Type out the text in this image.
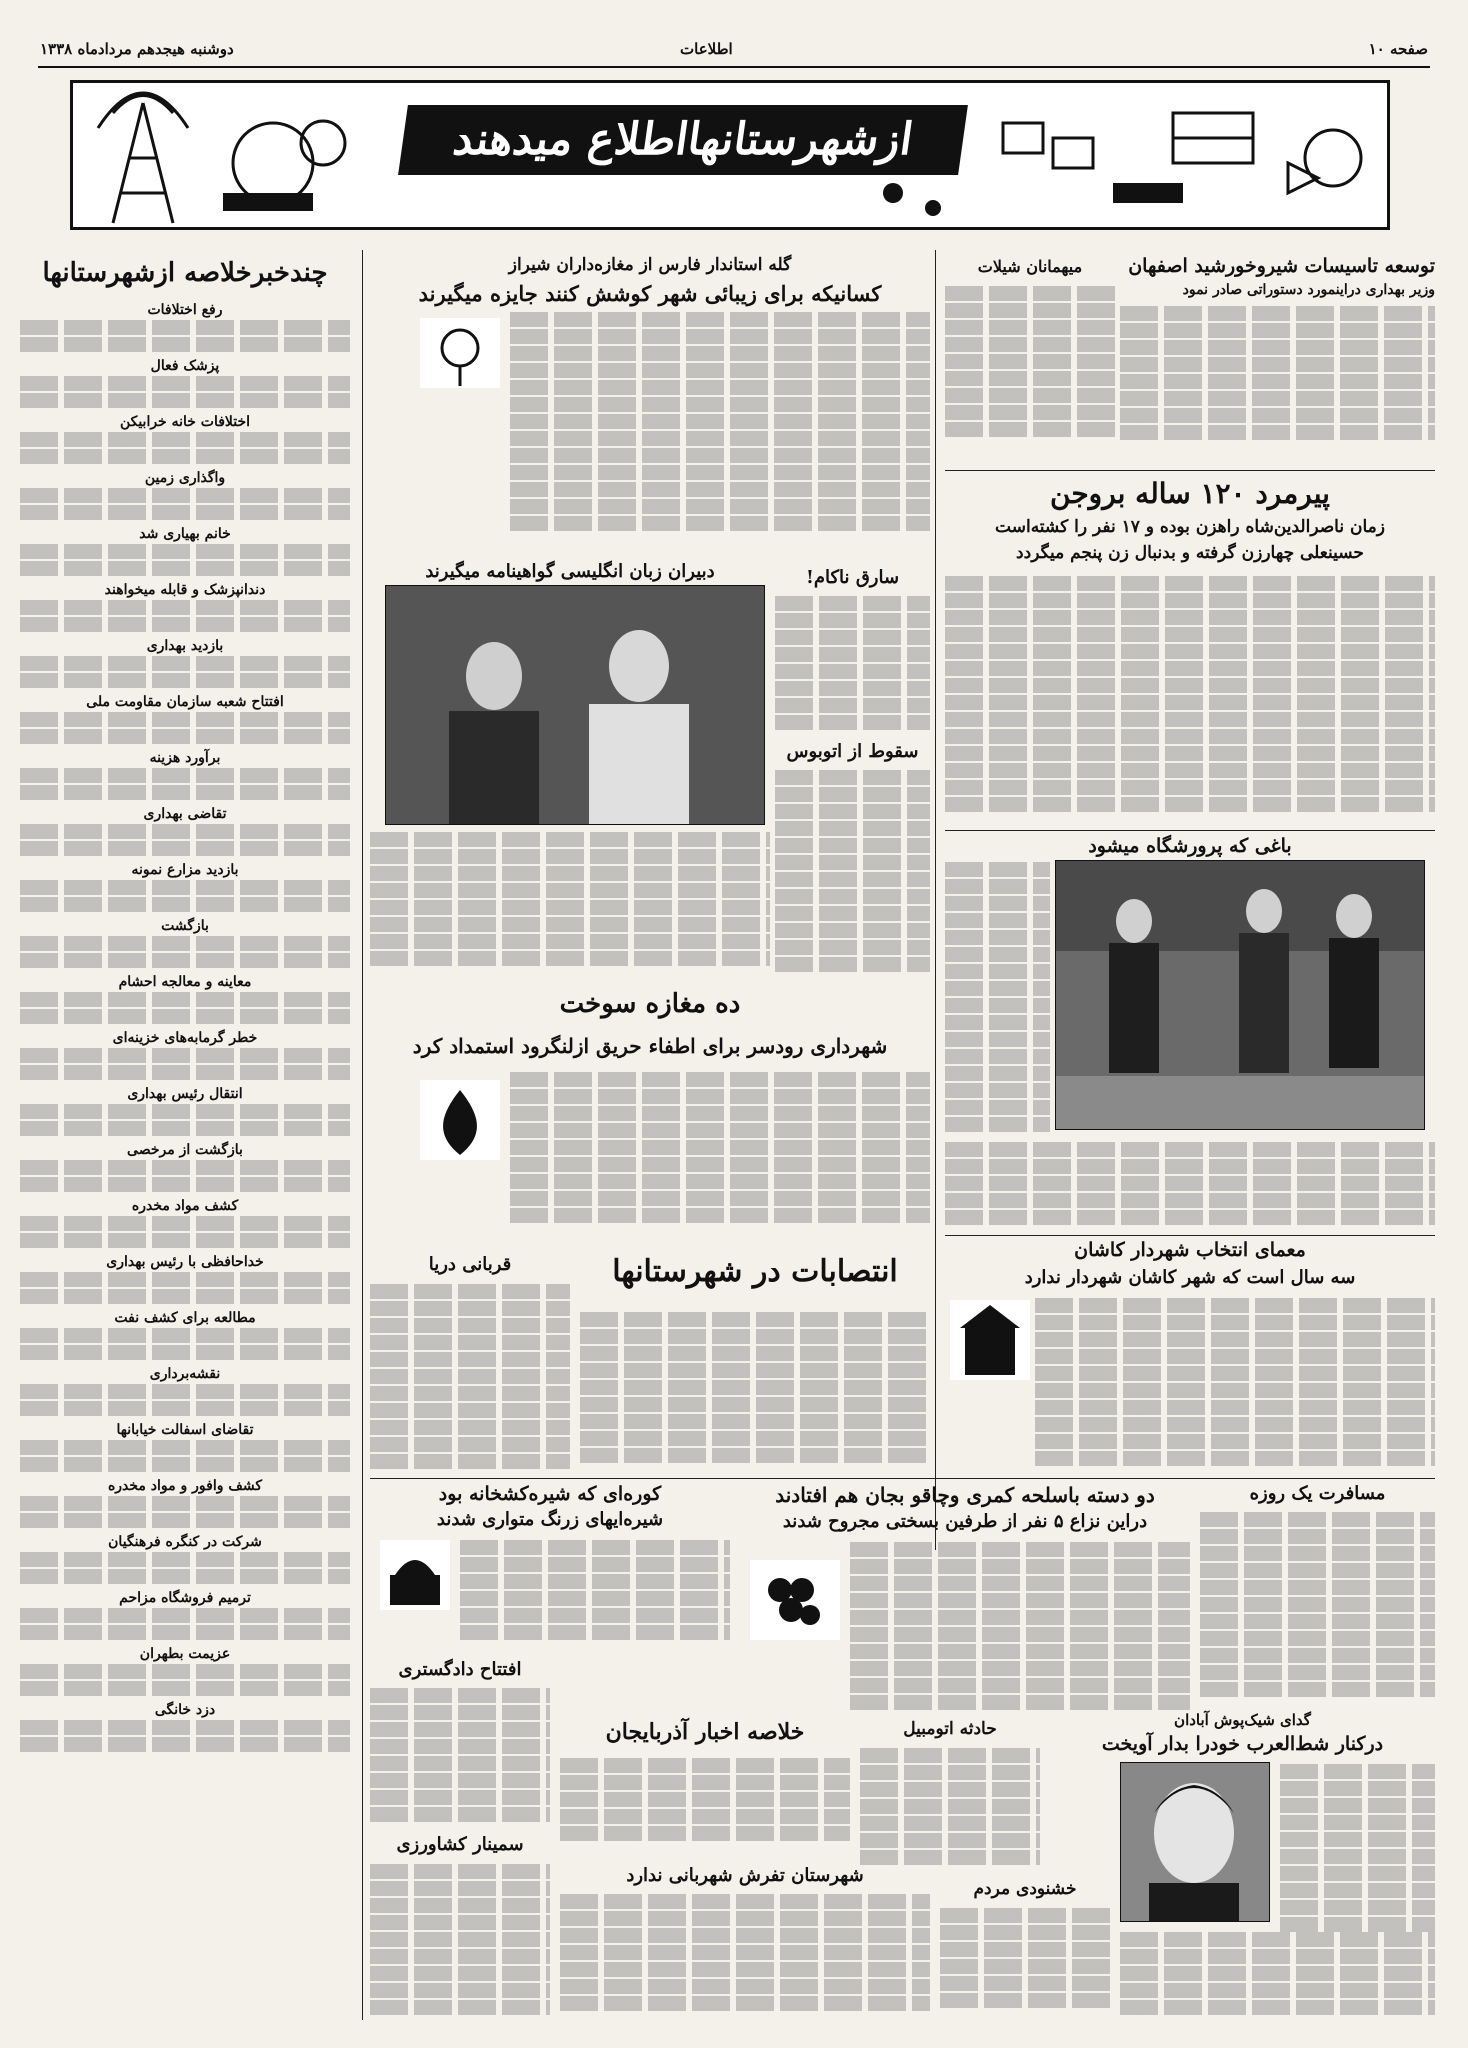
صفحه ۱۰
اطلاعات
دوشنبه هیجدهم مردادماه ۱۳۳۸
ازشهرستانهااطلاع میدهند
چندخبرخلاصه ازشهرستانها
رفع اختلافات
پزشک فعال
اختلافات خانه خرابیکن
واگذاری زمین
خانم بهیاری شد
دندانپزشک و قابله میخواهند
بازدید بهداری
افتتاح شعبه سازمان مقاومت ملی
برآورد هزینه
تقاضی بهداری
بازدید مزارع نمونه
بازگشت
معاینه و معالجه احشام
خطر گرمابه‌های خزینه‌ای
انتقال رئیس بهداری
بازگشت از مرخصی
کشف مواد مخدره
خداحافظی با رئیس بهداری
مطالعه برای کشف نفت
نقشه‌برداری
تقاضای اسفالت خیابانها
کشف وافور و مواد مخدره
شرکت در کنگره فرهنگیان
ترمیم فروشگاه مزاحم
عزیمت بطهران
دزد خانگی
گله استاندار فارس از مغازه‌داران شیراز
کسانیکه برای زیبائی شهر کوشش کنند جایزه میگیرند
توسعه تاسیسات شیروخورشید اصفهان
وزیر بهداری دراینمورد دستوراتی صادر نمود
میهمانان شیلات
پیرمرد ۱۲۰ ساله بروجن
زمان ناصرالدین‌شاه راهزن بوده و ۱۷ نفر را کشته‌است
حسینعلی چهارزن گرفته و بدنبال زن پنجم میگردد
دبیران زبان انگلیسی گواهینامه میگیرند	سارق ناکام!
سقوط از اتوبوس
باغی که پرورشگاه میشود
ده مغازه سوخت
شهرداری رودسر برای اطفاء حریق ازلنگرود استمداد کرد
معمای انتخاب شهردار کاشان
سه سال است که شهر کاشان شهردار ندارد
انتصابات در شهرستانها
قربانی دریا
دو دسته باسلحه کمری وچاقو بجان هم افتادند
دراین نزاع ۵ نفر از طرفین بسختی مجروح شدند
مسافرت یک روزه
کوره‌ای که شیره‌کشخانه بود
شیره‌ایهای زرنگ متواری شدند
افتتاح دادگستری
سمینار کشاورزی
خلاصه اخبار آذربایجان
شهرستان تفرش شهربانی ندارد
حادثه اتومبیل
خشنودی مردم
گدای شیک‌پوش آبادان
درکنار شط‌العرب خودرا بدار آویخت
